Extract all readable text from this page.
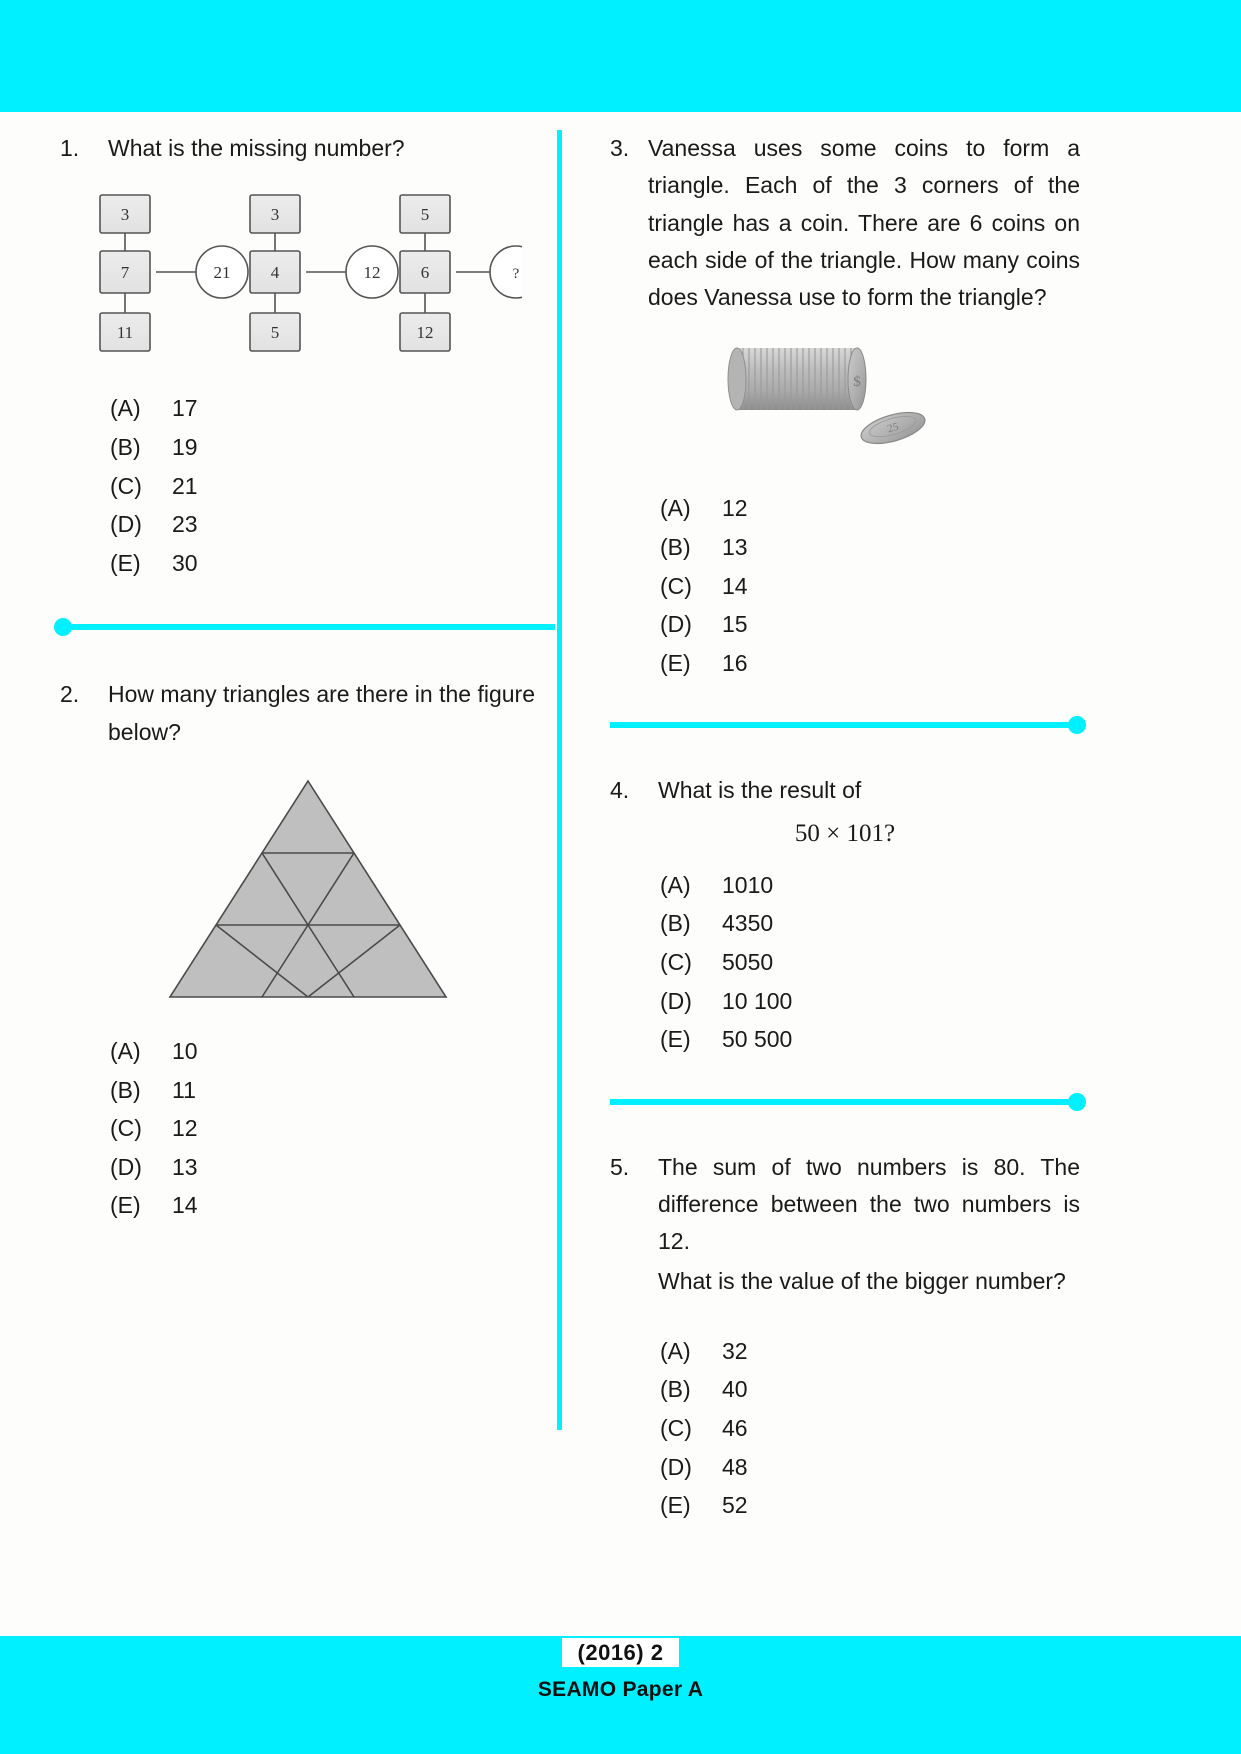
1.	What is the missing number?
3
7
11
21
3
4
5
12
5
6
12
?
(A)	17
(B)	19
(C)	21
(D)	23
(E)	30
2.	How many triangles are there in the figure below?
(A)	10
(B)	11
(C)	12
(D)	13
(E)	14
3. Vanessa uses some coins to form a triangle. Each of the 3 corners of the triangle has a coin. There are 6 coins on each side of the triangle. How many coins does Vanessa use to form the triangle?
$
25
(A)	12
(B)	13
(C)	14
(D)	15
(E)	16
4.	What is the result of
50 × 101?
(A)	1010
(B)	4350
(C)	5050
(D)	10 100
(E)	50 500
5.	The sum of two numbers is 80. The difference between the two numbers is 12.
What is the value of the bigger number?
(A)	32
(B)	40
(C)	46
(D)	48
(E)	52
(2016) 2
SEAMO Paper A
